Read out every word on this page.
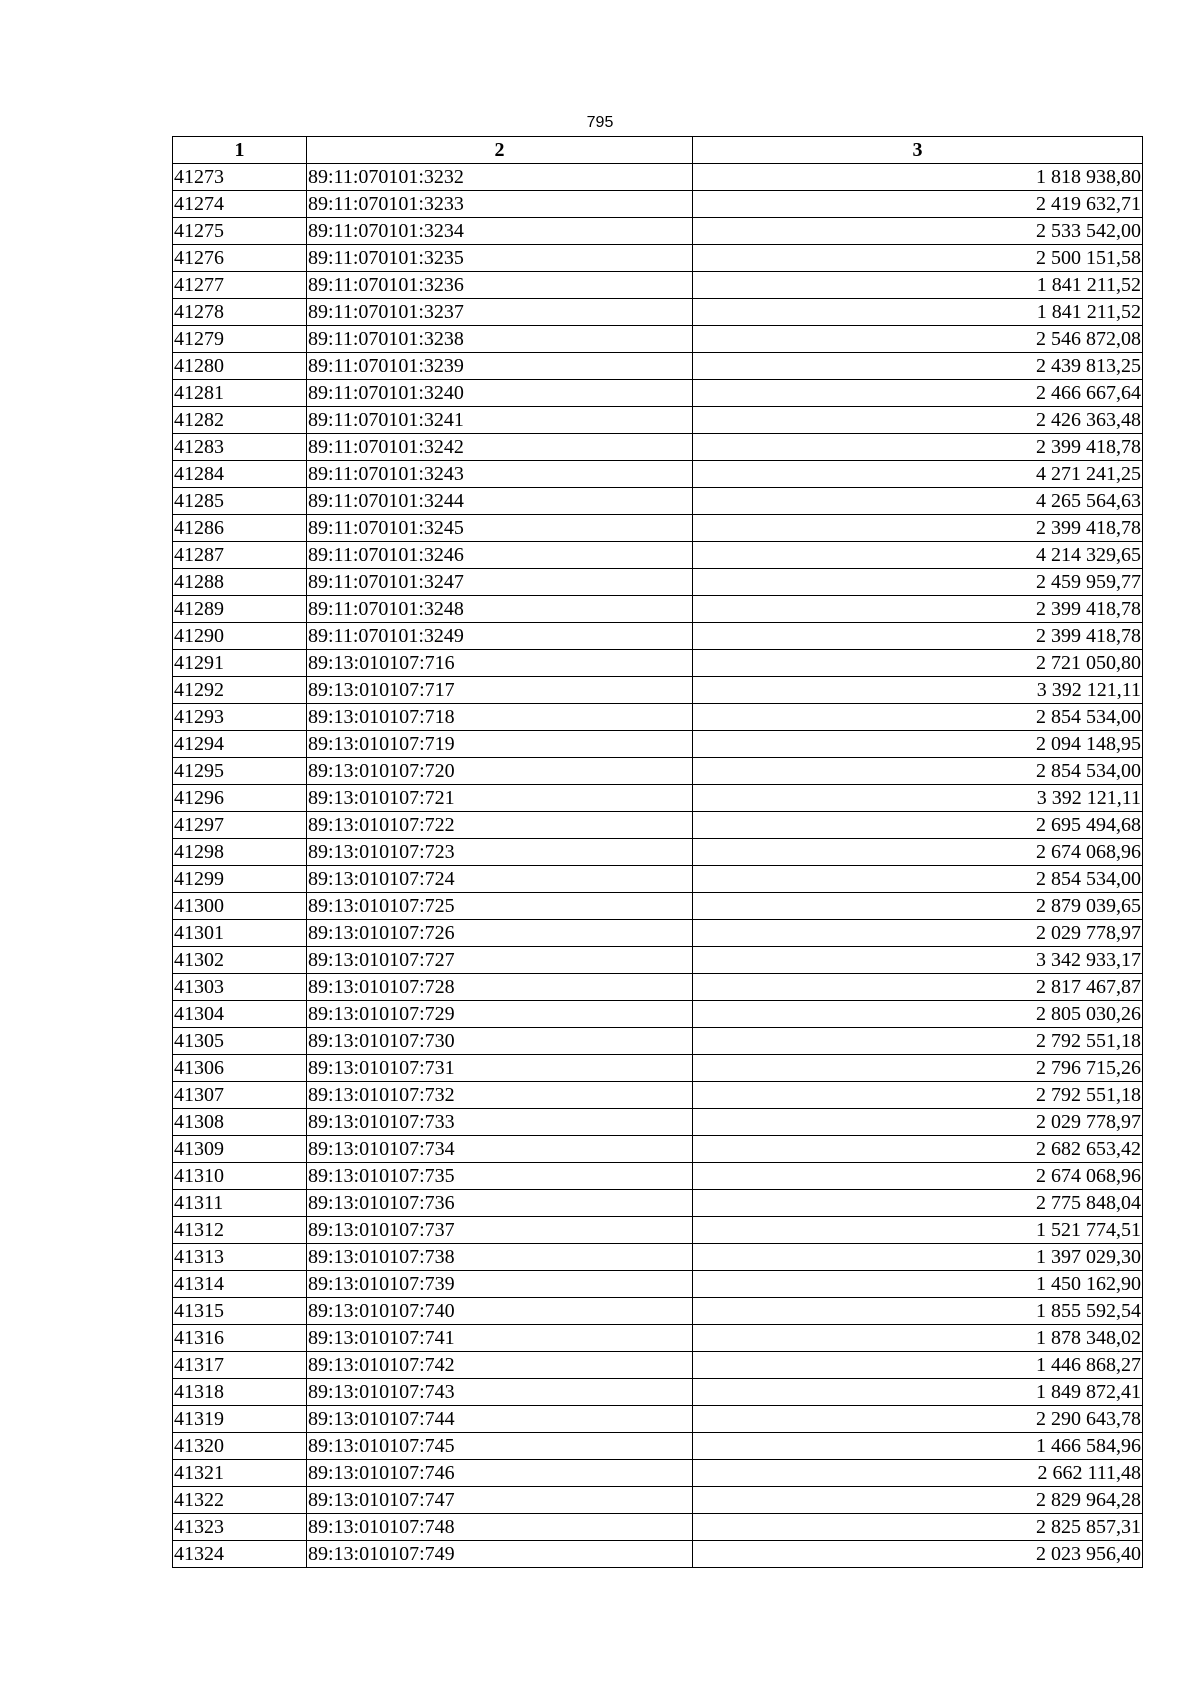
795
1	2	3
41273	89:11:070101:3232	1 818 938,80
41274	89:11:070101:3233	2 419 632,71
41275	89:11:070101:3234	2 533 542,00
41276	89:11:070101:3235	2 500 151,58
41277	89:11:070101:3236	1 841 211,52
41278	89:11:070101:3237	1 841 211,52
41279	89:11:070101:3238	2 546 872,08
41280	89:11:070101:3239	2 439 813,25
41281	89:11:070101:3240	2 466 667,64
41282	89:11:070101:3241	2 426 363,48
41283	89:11:070101:3242	2 399 418,78
41284	89:11:070101:3243	4 271 241,25
41285	89:11:070101:3244	4 265 564,63
41286	89:11:070101:3245	2 399 418,78
41287	89:11:070101:3246	4 214 329,65
41288	89:11:070101:3247	2 459 959,77
41289	89:11:070101:3248	2 399 418,78
41290	89:11:070101:3249	2 399 418,78
41291	89:13:010107:716	2 721 050,80
41292	89:13:010107:717	3 392 121,11
41293	89:13:010107:718	2 854 534,00
41294	89:13:010107:719	2 094 148,95
41295	89:13:010107:720	2 854 534,00
41296	89:13:010107:721	3 392 121,11
41297	89:13:010107:722	2 695 494,68
41298	89:13:010107:723	2 674 068,96
41299	89:13:010107:724	2 854 534,00
41300	89:13:010107:725	2 879 039,65
41301	89:13:010107:726	2 029 778,97
41302	89:13:010107:727	3 342 933,17
41303	89:13:010107:728	2 817 467,87
41304	89:13:010107:729	2 805 030,26
41305	89:13:010107:730	2 792 551,18
41306	89:13:010107:731	2 796 715,26
41307	89:13:010107:732	2 792 551,18
41308	89:13:010107:733	2 029 778,97
41309	89:13:010107:734	2 682 653,42
41310	89:13:010107:735	2 674 068,96
41311	89:13:010107:736	2 775 848,04
41312	89:13:010107:737	1 521 774,51
41313	89:13:010107:738	1 397 029,30
41314	89:13:010107:739	1 450 162,90
41315	89:13:010107:740	1 855 592,54
41316	89:13:010107:741	1 878 348,02
41317	89:13:010107:742	1 446 868,27
41318	89:13:010107:743	1 849 872,41
41319	89:13:010107:744	2 290 643,78
41320	89:13:010107:745	1 466 584,96
41321	89:13:010107:746	2 662 111,48
41322	89:13:010107:747	2 829 964,28
41323	89:13:010107:748	2 825 857,31
41324	89:13:010107:749	2 023 956,40
